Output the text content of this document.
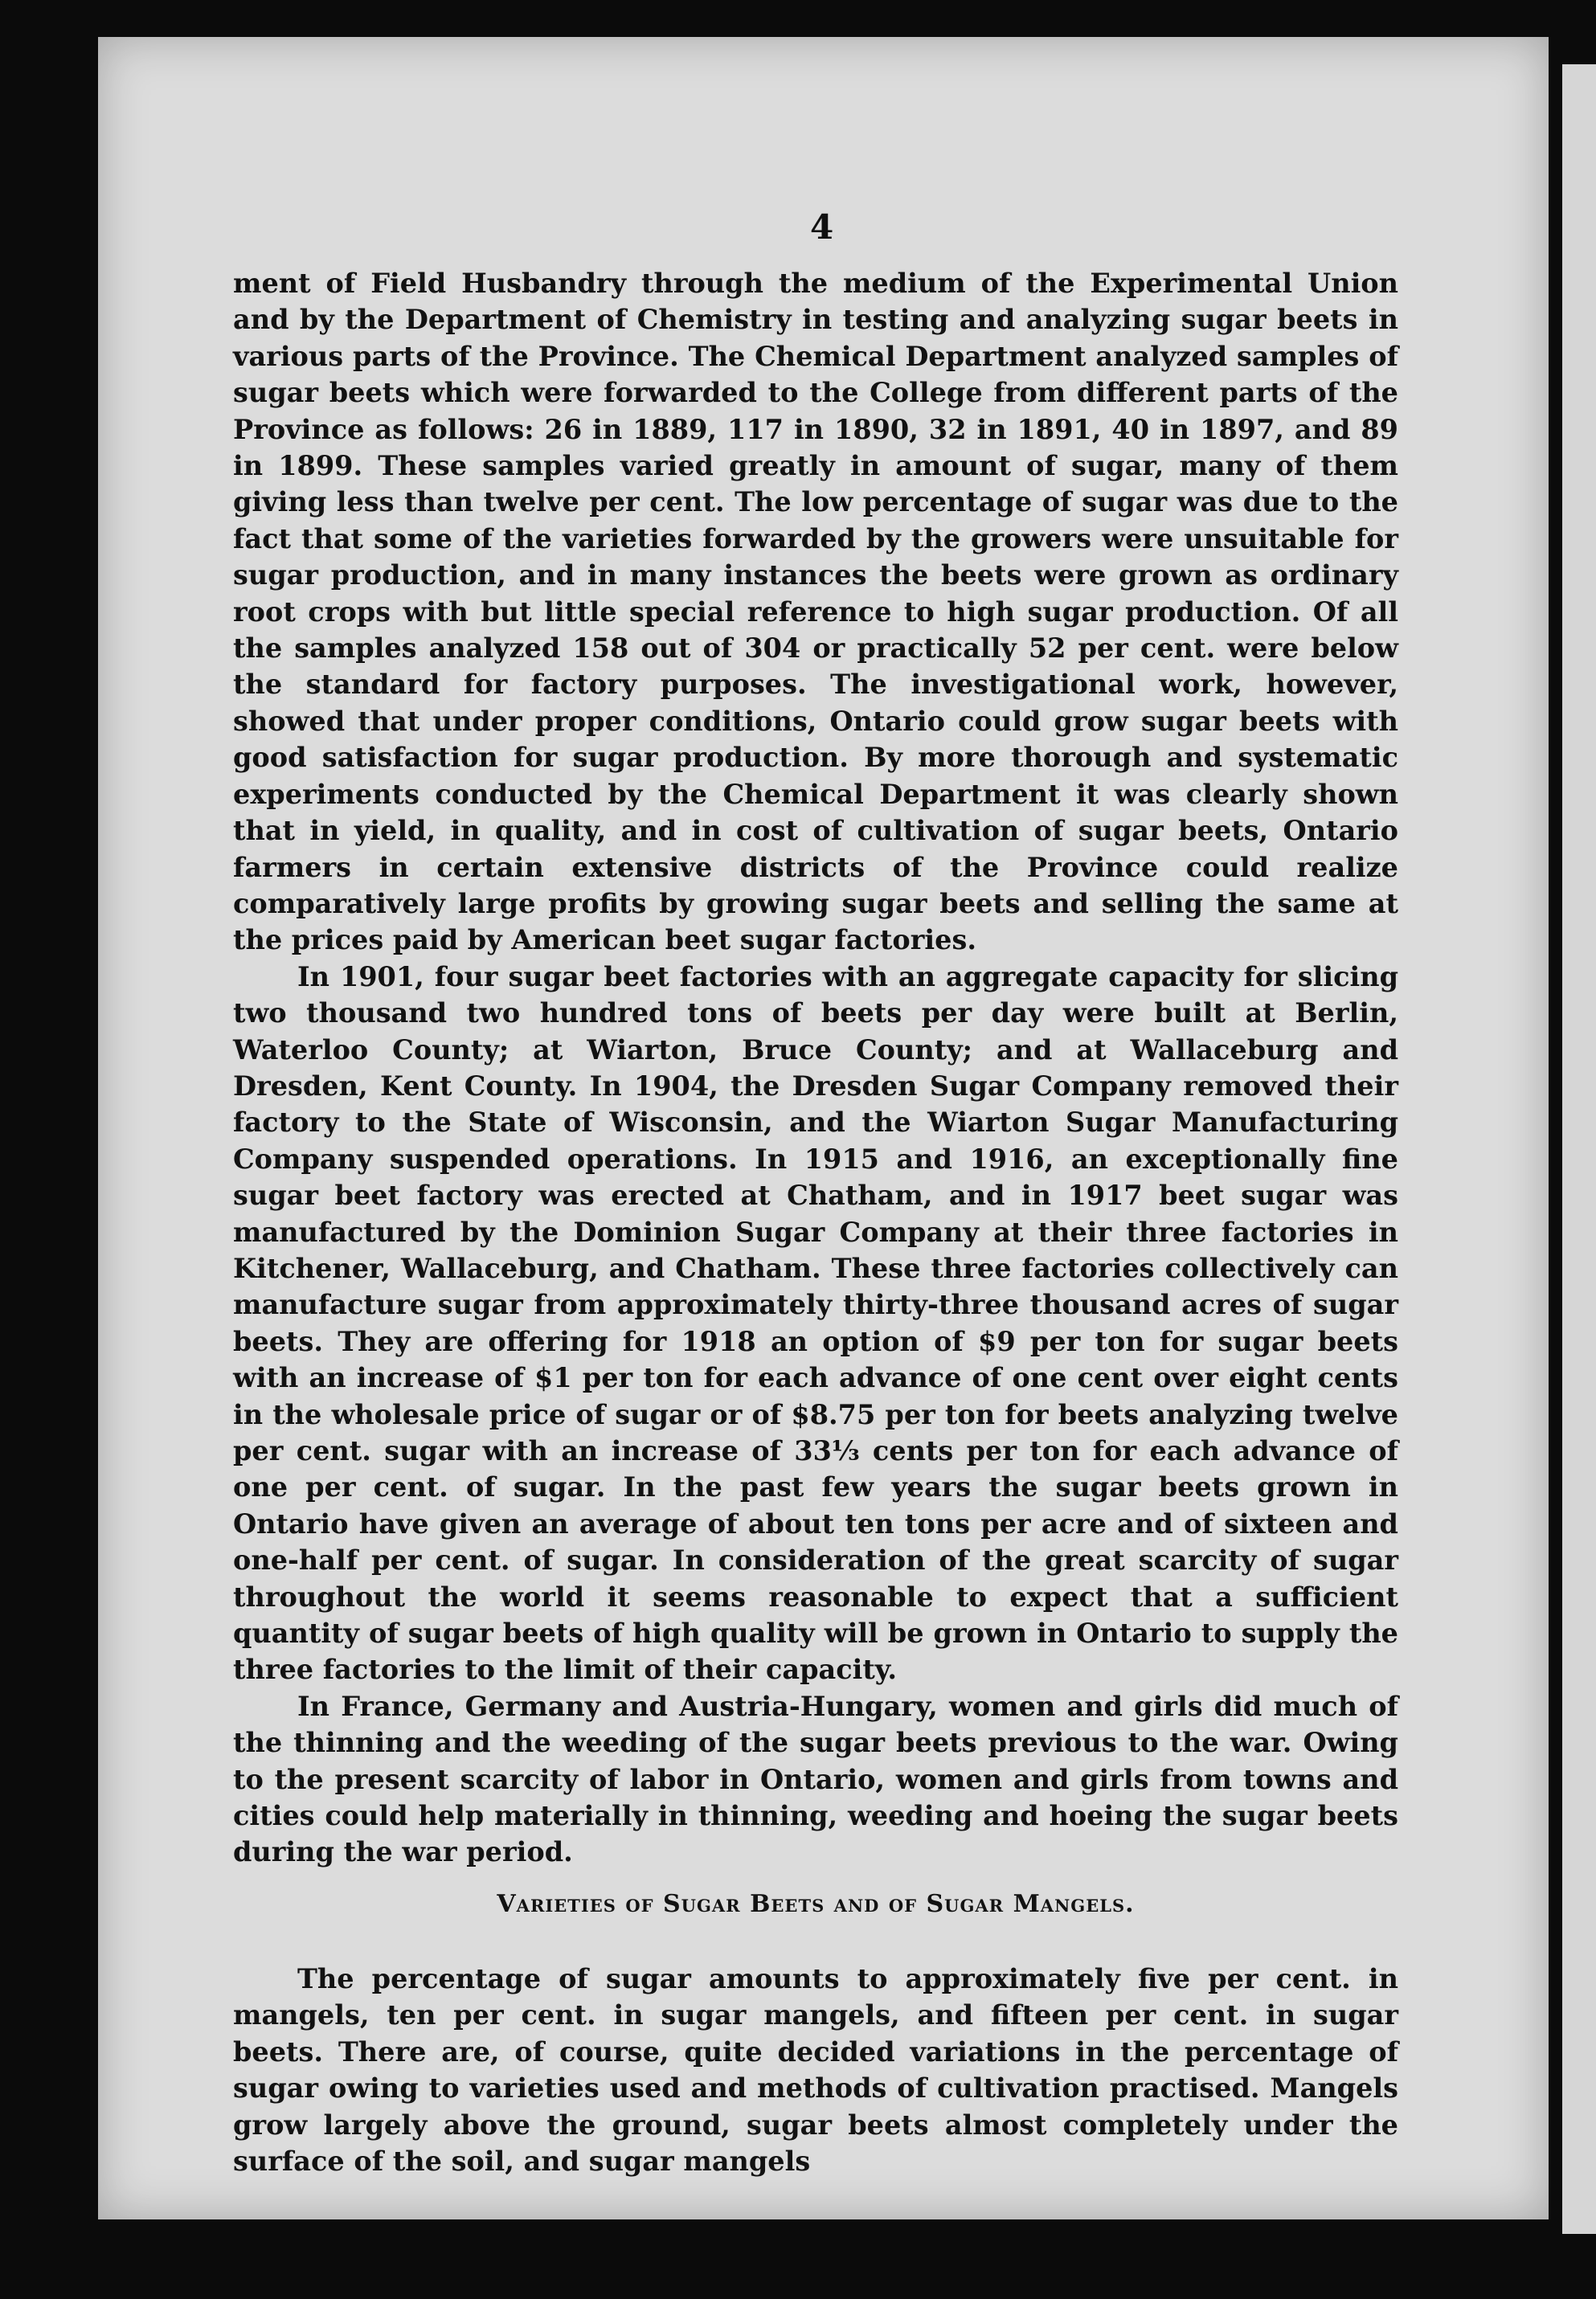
4

ment of Field Husbandry through the medium of the Experimental Union and by the Department of Chemistry in testing and analyzing sugar beets in various parts of the Province. The Chemical Department analyzed samples of sugar beets which were forwarded to the College from different parts of the Province as follows: 26 in 1889, 117 in 1890, 32 in 1891, 40 in 1897, and 89 in 1899. These samples varied greatly in amount of sugar, many of them giving less than twelve per cent. The low percentage of sugar was due to the fact that some of the varieties forwarded by the growers were unsuitable for sugar production, and in many instances the beets were grown as ordinary root crops with but little special reference to high sugar production. Of all the samples analyzed 158 out of 304 or practically 52 per cent. were below the standard for factory purposes. The investigational work, however, showed that under proper conditions, Ontario could grow sugar beets with good satisfaction for sugar production. By more thorough and systematic experiments conducted by the Chemical Department it was clearly shown that in yield, in quality, and in cost of cultivation of sugar beets, Ontario farmers in certain extensive districts of the Province could realize comparatively large profits by growing sugar beets and selling the same at the prices paid by American beet sugar factories.

In 1901, four sugar beet factories with an aggregate capacity for slicing two thousand two hundred tons of beets per day were built at Berlin, Waterloo County; at Wiarton, Bruce County; and at Wallaceburg and Dresden, Kent County. In 1904, the Dresden Sugar Company removed their factory to the State of Wisconsin, and the Wiarton Sugar Manufacturing Company suspended operations. In 1915 and 1916, an exceptionally fine sugar beet factory was erected at Chatham, and in 1917 beet sugar was manufactured by the Dominion Sugar Company at their three factories in Kitchener, Wallaceburg, and Chatham. These three factories collectively can manufacture sugar from approximately thirty-three thousand acres of sugar beets. They are offering for 1918 an option of $9 per ton for sugar beets with an increase of $1 per ton for each advance of one cent over eight cents in the wholesale price of sugar or of $8.75 per ton for beets analyzing twelve per cent. sugar with an increase of 33⅓ cents per ton for each advance of one per cent. of sugar. In the past few years the sugar beets grown in Ontario have given an average of about ten tons per acre and of sixteen and one-half per cent. of sugar. In consideration of the great scarcity of sugar throughout the world it seems reasonable to expect that a sufficient quantity of sugar beets of high quality will be grown in Ontario to supply the three factories to the limit of their capacity.

In France, Germany and Austria-Hungary, women and girls did much of the thinning and the weeding of the sugar beets previous to the war. Owing to the present scarcity of labor in Ontario, women and girls from towns and cities could help materially in thinning, weeding and hoeing the sugar beets during the war period.

Varieties of Sugar Beets and of Sugar Mangels.

The percentage of sugar amounts to approximately five per cent. in mangels, ten per cent. in sugar mangels, and fifteen per cent. in sugar beets. There are, of course, quite decided variations in the percentage of sugar owing to varieties used and methods of cultivation practised. Mangels grow largely above the ground, sugar beets almost completely under the surface of the soil, and sugar mangels
